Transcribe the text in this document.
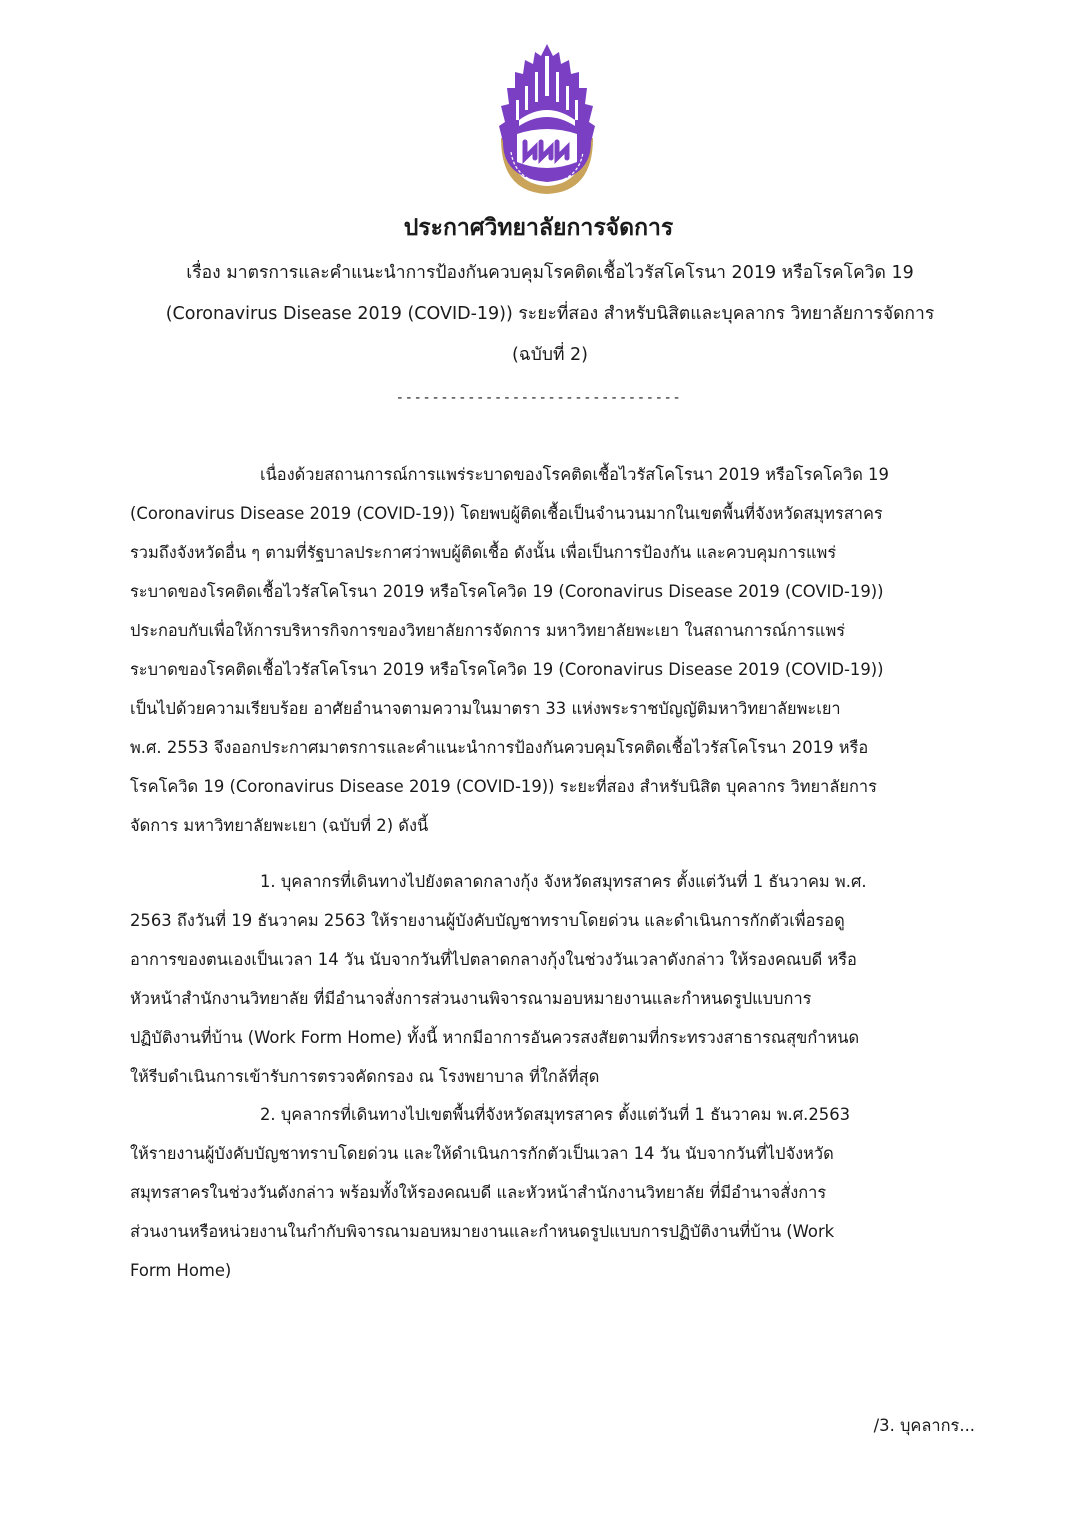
ประกาศวิทยาลัยการจัดการ

เรื่อง มาตรการและคำแนะนำการป้องกันควบคุมโรคติดเชื้อไวรัสโคโรนา 2019 หรือโรคโควิด 19
(Coronavirus Disease 2019 (COVID-19)) ระยะที่สอง สำหรับนิสิตและบุคลากร วิทยาลัยการจัดการ
(ฉบับที่ 2)

--------------------------------

เนื่องด้วยสถานการณ์การแพร่ระบาดของโรคติดเชื้อไวรัสโคโรนา 2019 หรือโรคโควิด 19
(Coronavirus Disease 2019 (COVID-19)) โดยพบผู้ติดเชื้อเป็นจำนวนมากในเขตพื้นที่จังหวัดสมุทรสาคร
รวมถึงจังหวัดอื่น ๆ ตามที่รัฐบาลประกาศว่าพบผู้ติดเชื้อ ดังนั้น เพื่อเป็นการป้องกัน และควบคุมการแพร่
ระบาดของโรคติดเชื้อไวรัสโคโรนา 2019 หรือโรคโควิด 19 (Coronavirus Disease 2019 (COVID-19))
ประกอบกับเพื่อให้การบริหารกิจการของวิทยาลัยการจัดการ มหาวิทยาลัยพะเยา ในสถานการณ์การแพร่
ระบาดของโรคติดเชื้อไวรัสโคโรนา 2019 หรือโรคโควิด 19 (Coronavirus Disease 2019 (COVID-19))
เป็นไปด้วยความเรียบร้อย อาศัยอำนาจตามความในมาตรา 33 แห่งพระราชบัญญัติมหาวิทยาลัยพะเยา
พ.ศ. 2553 จึงออกประกาศมาตรการและคำแนะนำการป้องกันควบคุมโรคติดเชื้อไวรัสโคโรนา 2019 หรือ
โรคโควิด 19 (Coronavirus Disease 2019 (COVID-19)) ระยะที่สอง สำหรับนิสิต บุคลากร วิทยาลัยการ
จัดการ มหาวิทยาลัยพะเยา (ฉบับที่ 2) ดังนี้

1. บุคลากรที่เดินทางไปยังตลาดกลางกุ้ง จังหวัดสมุทรสาคร ตั้งแต่วันที่ 1 ธันวาคม พ.ศ.
2563 ถึงวันที่ 19 ธันวาคม 2563 ให้รายงานผู้บังคับบัญชาทราบโดยด่วน และดำเนินการกักตัวเพื่อรอดู
อาการของตนเองเป็นเวลา 14 วัน นับจากวันที่ไปตลาดกลางกุ้งในช่วงวันเวลาดังกล่าว ให้รองคณบดี หรือ
หัวหน้าสำนักงานวิทยาลัย ที่มีอำนาจสั่งการส่วนงานพิจารณามอบหมายงานและกำหนดรูปแบบการ
ปฏิบัติงานที่บ้าน (Work Form Home) ทั้งนี้ หากมีอาการอันควรสงสัยตามที่กระทรวงสาธารณสุขกำหนด
ให้รีบดำเนินการเข้ารับการตรวจคัดกรอง ณ โรงพยาบาล ที่ใกล้ที่สุด

2. บุคลากรที่เดินทางไปเขตพื้นที่จังหวัดสมุทรสาคร ตั้งแต่วันที่ 1 ธันวาคม พ.ศ.2563
ให้รายงานผู้บังคับบัญชาทราบโดยด่วน และให้ดำเนินการกักตัวเป็นเวลา 14 วัน นับจากวันที่ไปจังหวัด
สมุทรสาครในช่วงวันดังกล่าว พร้อมทั้งให้รองคณบดี และหัวหน้าสำนักงานวิทยาลัย ที่มีอำนาจสั่งการ
ส่วนงานหรือหน่วยงานในกำกับพิจารณามอบหมายงานและกำหนดรูปแบบการปฏิบัติงานที่บ้าน (Work
Form Home)

/3. บุคลากร...
